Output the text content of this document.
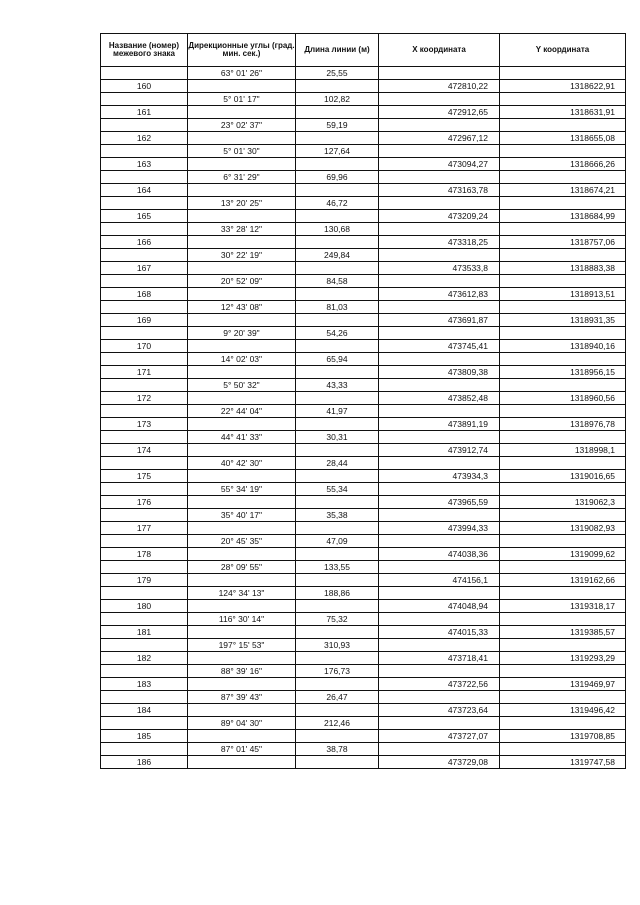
Название (номер) межевого знака	Дирекционные углы (град. мин. сек.)	Длина линии (м)	X координата	Y координата
	63° 01' 26"	25,55		
160			472810,22	1318622,91
	5° 01' 17"	102,82		
161			472912,65	1318631,91
	23° 02' 37"	59,19		
162			472967,12	1318655,08
	5° 01' 30"	127,64		
163			473094,27	1318666,26
	6° 31' 29"	69,96		
164			473163,78	1318674,21
	13° 20' 25"	46,72		
165			473209,24	1318684,99
	33° 28' 12"	130,68		
166			473318,25	1318757,06
	30° 22' 19"	249,84		
167			473533,8	1318883,38
	20° 52' 09"	84,58		
168			473612,83	1318913,51
	12° 43' 08"	81,03		
169			473691,87	1318931,35
	9° 20' 39"	54,26		
170			473745,41	1318940,16
	14° 02' 03"	65,94		
171			473809,38	1318956,15
	5° 50' 32"	43,33		
172			473852,48	1318960,56
	22° 44' 04"	41,97		
173			473891,19	1318976,78
	44° 41' 33"	30,31		
174			473912,74	1318998,1
	40° 42' 30"	28,44		
175			473934,3	1319016,65
	55° 34' 19"	55,34		
176			473965,59	1319062,3
	35° 40' 17"	35,38		
177			473994,33	1319082,93
	20° 45' 35"	47,09		
178			474038,36	1319099,62
	28° 09' 55"	133,55		
179			474156,1	1319162,66
	124° 34' 13"	188,86		
180			474048,94	1319318,17
	116° 30' 14"	75,32		
181			474015,33	1319385,57
	197° 15' 53"	310,93		
182			473718,41	1319293,29
	88° 39' 16"	176,73		
183			473722,56	1319469,97
	87° 39' 43"	26,47		
184			473723,64	1319496,42
	89° 04' 30"	212,46		
185			473727,07	1319708,85
	87° 01' 45"	38,78		
186			473729,08	1319747,58
